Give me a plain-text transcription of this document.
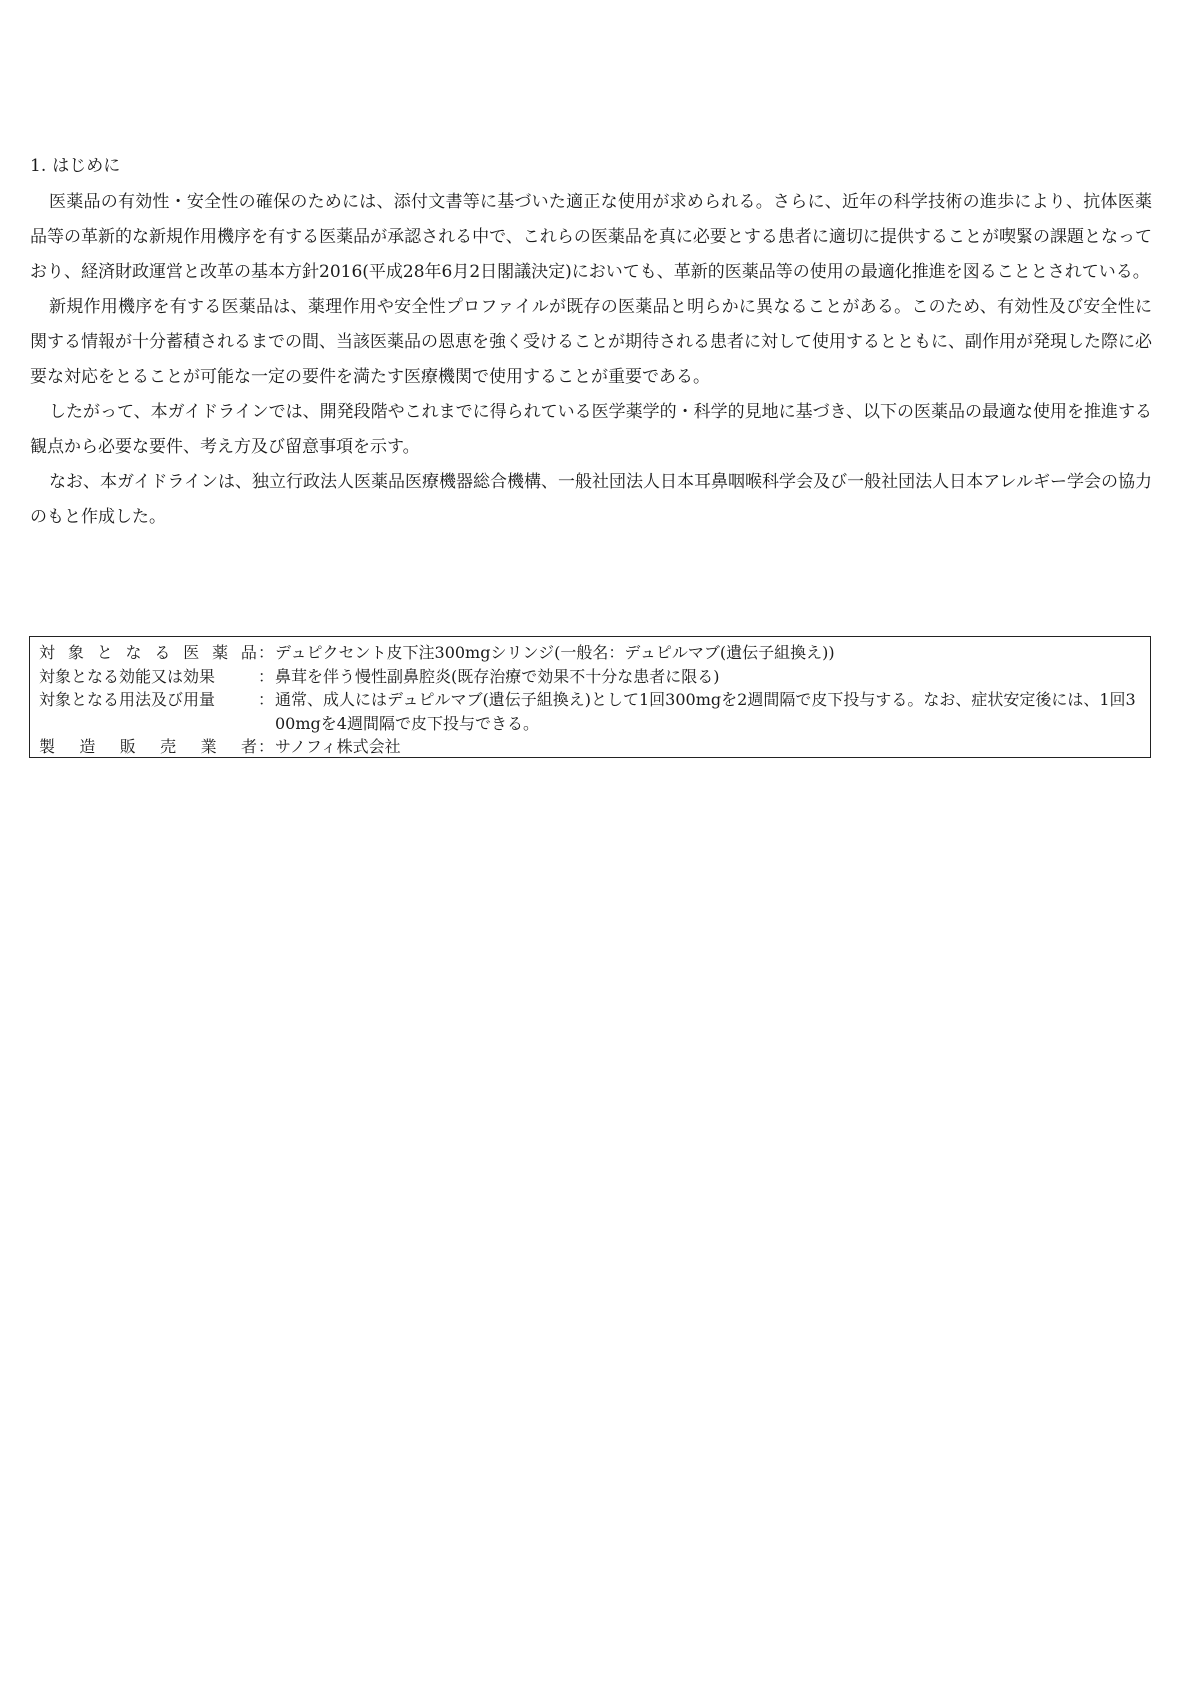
1. はじめに

医薬品の有効性・安全性の確保のためには、添付文書等に基づいた適正な使用が求められる。さらに、近年の科学技術の進歩により、抗体医薬品等の革新的な新規作用機序を有する医薬品が承認される中で、これらの医薬品を真に必要とする患者に適切に提供することが喫緊の課題となっており、経済財政運営と改革の基本方針2016(平成28年6月2日閣議決定)においても、革新的医薬品等の使用の最適化推進を図ることとされている。

新規作用機序を有する医薬品は、薬理作用や安全性プロファイルが既存の医薬品と明らかに異なることがある。このため、有効性及び安全性に関する情報が十分蓄積されるまでの間、当該医薬品の恩恵を強く受けることが期待される患者に対して使用するとともに、副作用が発現した際に必要な対応をとることが可能な一定の要件を満たす医療機関で使用することが重要である。

したがって、本ガイドラインでは、開発段階やこれまでに得られている医学薬学的・科学的見地に基づき、以下の医薬品の最適な使用を推進する観点から必要な要件、考え方及び留意事項を示す。

なお、本ガイドラインは、独立行政法人医薬品医療機器総合機構、一般社団法人日本耳鼻咽喉科学会及び一般社団法人日本アレルギー学会の協力のもと作成した。

対 象 と な る 医 薬 品 ： デュピクセント皮下注300mgシリンジ(一般名：デュピルマブ(遺伝子組換え))
対象となる効能又は効果	： 鼻茸を伴う慢性副鼻腔炎(既存治療で効果不十分な患者に限る)
対象となる用法及び用量	： 通常、成人にはデュピルマブ(遺伝子組換え)として1回300mgを2週間隔で皮下投与する。なお、症状安定後には、1回300mgを4週間隔で皮下投与できる。
製 造 販 売 業 者 ： サノフィ株式会社
